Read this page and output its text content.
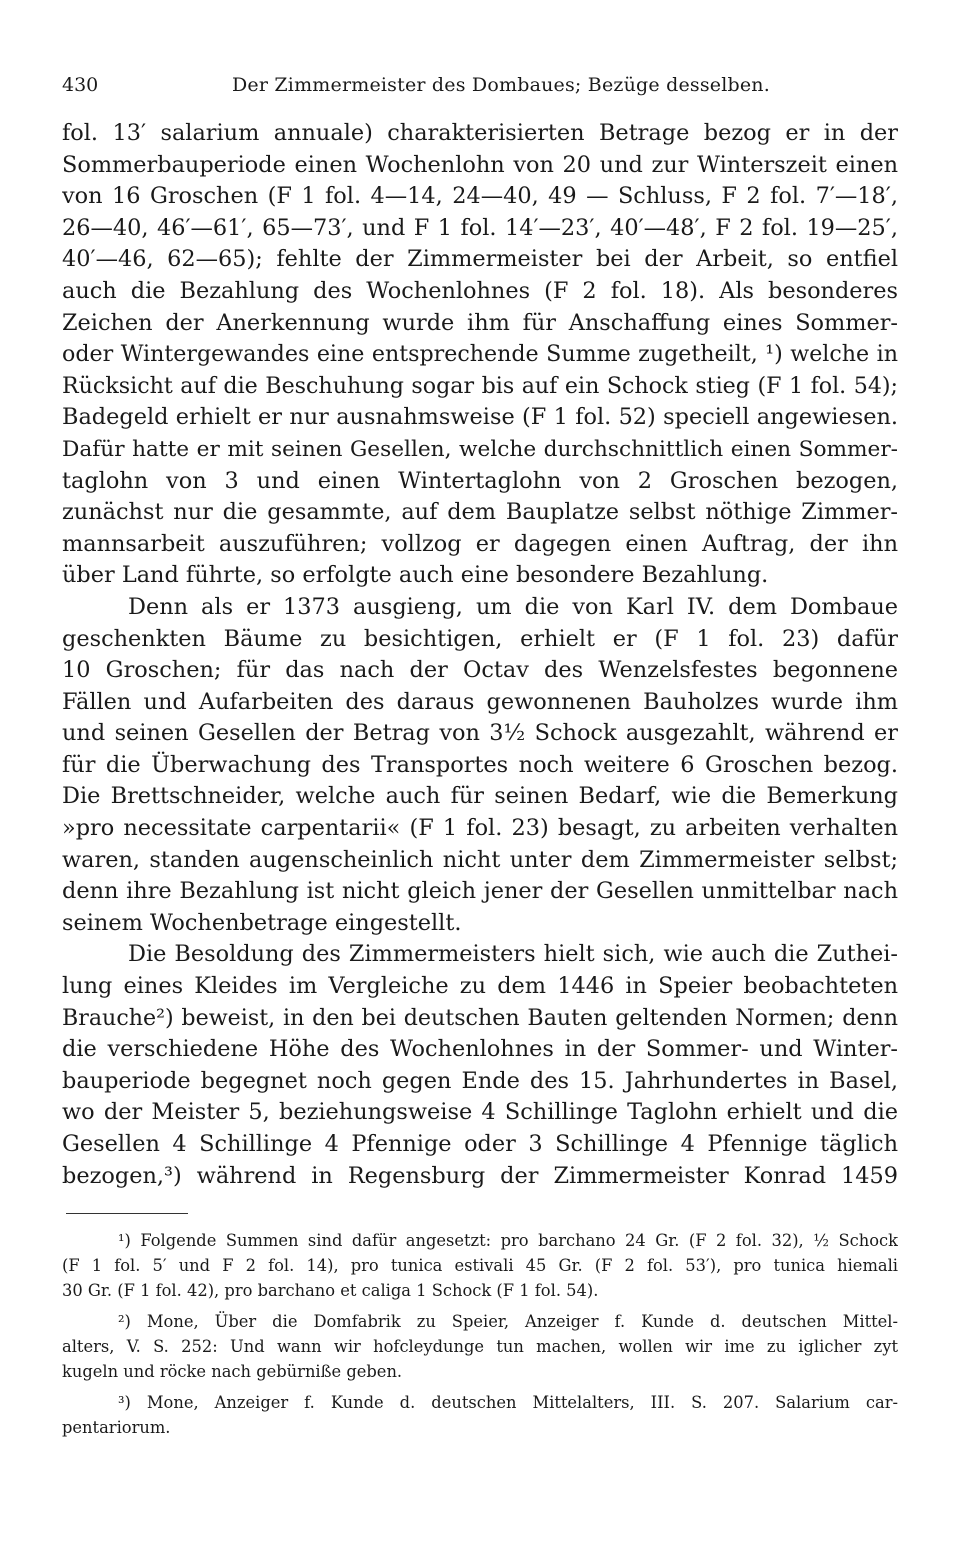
430	Der Zimmermeister des Dombaues; Bezüge desselben.
fol. 13′ salarium annuale) charakterisierten Betrage bezog er in der
Sommerbauperiode einen Wochenlohn von 20 und zur Winterszeit einen
von 16 Groschen (F 1 fol. 4—14, 24—40, 49 — Schluss, F 2 fol. 7′—18′,
26—40, 46′—61′, 65—73′, und F 1 fol. 14′—23′, 40′—48′, F 2 fol. 19—25′,
40′—46, 62—65); fehlte der Zimmermeister bei der Arbeit, so entfiel
auch die Bezahlung des Wochenlohnes (F 2 fol. 18). Als besonderes
Zeichen der Anerkennung wurde ihm für Anschaffung eines Sommer-
oder Wintergewandes eine entsprechende Summe zugetheilt, ¹) welche in
Rücksicht auf die Beschuhung sogar bis auf ein Schock stieg (F 1 fol. 54);
Badegeld erhielt er nur ausnahmsweise (F 1 fol. 52) speciell angewiesen.
Dafür hatte er mit seinen Gesellen, welche durchschnittlich einen Sommer-
taglohn von 3 und einen Wintertaglohn von 2 Groschen bezogen,
zunächst nur die gesammte, auf dem Bauplatze selbst nöthige Zimmer-
mannsarbeit auszuführen; vollzog er dagegen einen Auftrag, der ihn
über Land führte, so erfolgte auch eine besondere Bezahlung.
Denn als er 1373 ausgieng, um die von Karl IV. dem Dombaue
geschenkten Bäume zu besichtigen, erhielt er (F 1 fol. 23) dafür
10 Groschen; für das nach der Octav des Wenzelsfestes begonnene
Fällen und Aufarbeiten des daraus gewonnenen Bauholzes wurde ihm
und seinen Gesellen der Betrag von 3½ Schock ausgezahlt, während er
für die Überwachung des Transportes noch weitere 6 Groschen bezog.
Die Brettschneider, welche auch für seinen Bedarf, wie die Bemerkung
»pro necessitate carpentarii« (F 1 fol. 23) besagt, zu arbeiten verhalten
waren, standen augenscheinlich nicht unter dem Zimmermeister selbst;
denn ihre Bezahlung ist nicht gleich jener der Gesellen unmittelbar nach
seinem Wochenbetrage eingestellt.
Die Besoldung des Zimmermeisters hielt sich, wie auch die Zuthei-
lung eines Kleides im Vergleiche zu dem 1446 in Speier beobachteten
Brauche²) beweist, in den bei deutschen Bauten geltenden Normen; denn
die verschiedene Höhe des Wochenlohnes in der Sommer- und Winter-
bauperiode begegnet noch gegen Ende des 15. Jahrhundertes in Basel,
wo der Meister 5, beziehungsweise 4 Schillinge Taglohn erhielt und die
Gesellen 4 Schillinge 4 Pfennige oder 3 Schillinge 4 Pfennige täglich
bezogen,³) während in Regensburg der Zimmermeister Konrad 1459
¹) Folgende Summen sind dafür angesetzt: pro barchano 24 Gr. (F 2 fol. 32), ½ Schock
(F 1 fol. 5′ und F 2 fol. 14), pro tunica estivali 45 Gr. (F 2 fol. 53′), pro tunica hiemali
30 Gr. (F 1 fol. 42), pro barchano et caliga 1 Schock (F 1 fol. 54).
²) Mone, Über die Domfabrik zu Speier, Anzeiger f. Kunde d. deutschen Mittel-
alters, V. S. 252: Und wann wir hofcleydunge tun machen, wollen wir ime zu iglicher zyt
kugeln und röcke nach gebürniße geben.
³) Mone, Anzeiger f. Kunde d. deutschen Mittelalters, III. S. 207. Salarium car-
pentariorum.
